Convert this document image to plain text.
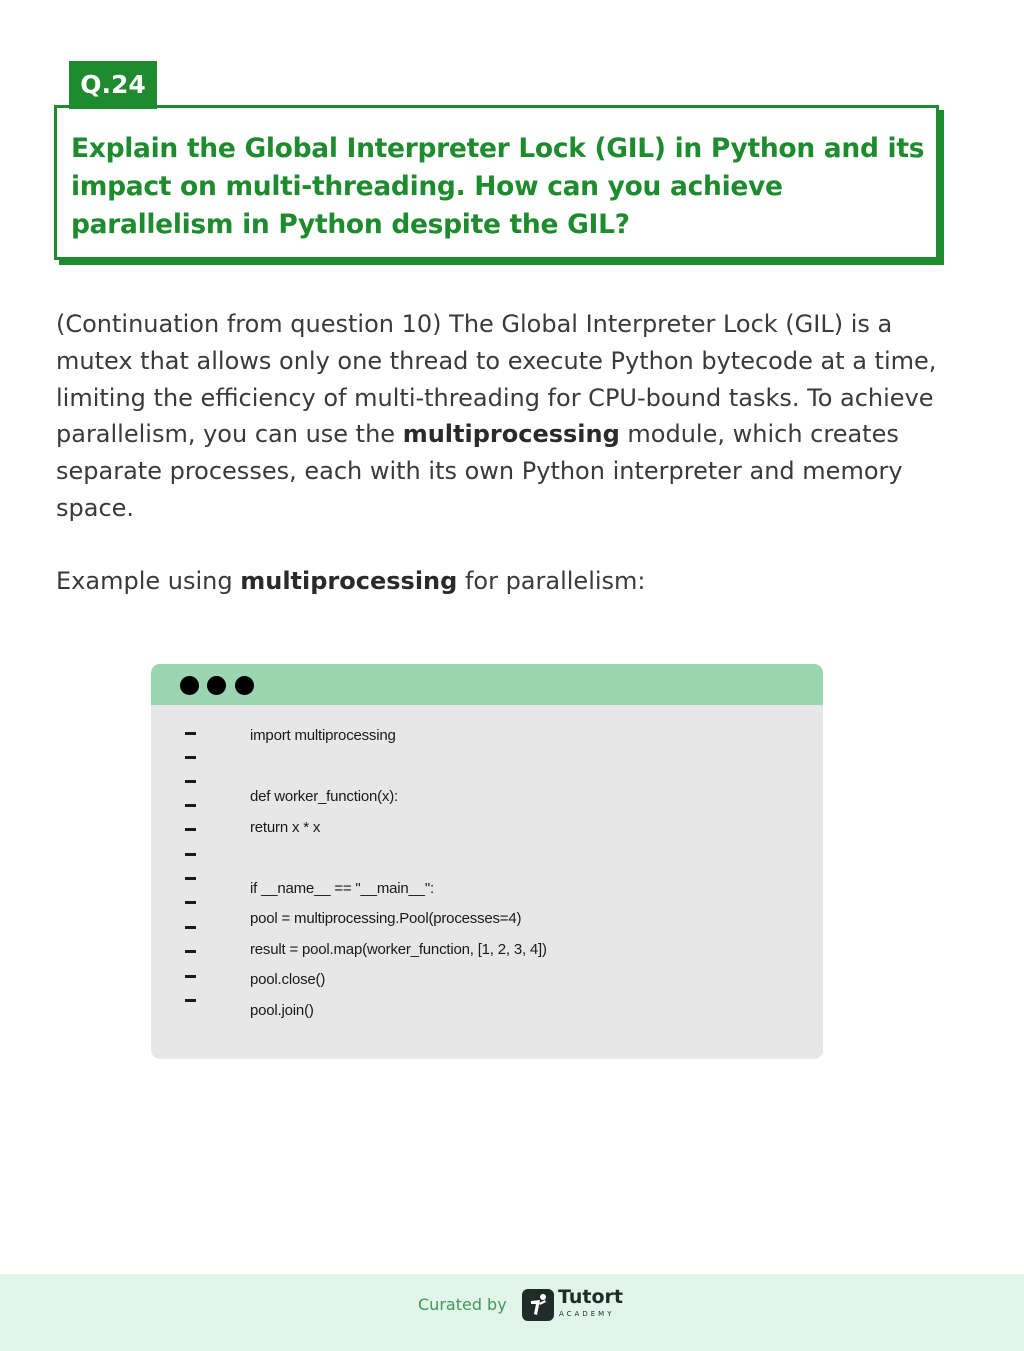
Q.24
Explain the Global Interpreter Lock (GIL) in Python and its impact on multi-threading. How can you achieve parallelism in Python despite the GIL?

(Continuation from question 10) The Global Interpreter Lock (GIL) is a mutex that allows only one thread to execute Python bytecode at a time, limiting the efficiency of multi-threading for CPU-bound tasks. To achieve parallelism, you can use the multiprocessing module, which creates separate processes, each with its own Python interpreter and memory space.

Example using multiprocessing for parallelism:

import multiprocessing
def worker_function(x):
return x * x
if __name__ == "__main__":
pool = multiprocessing.Pool(processes=4)
result = pool.map(worker_function, [1, 2, 3, 4])
pool.close()
pool.join()
Curated by	Tutort
ACADEMY
